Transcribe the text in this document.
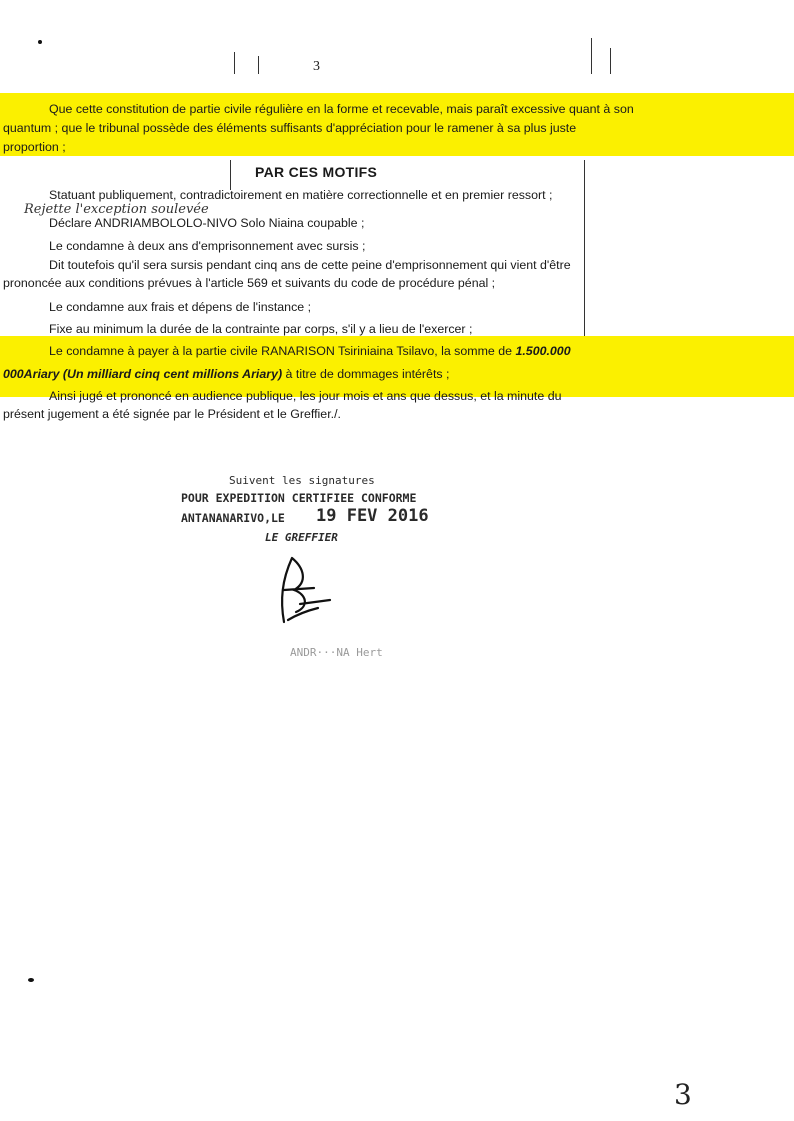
3

Que cette constitution de partie civile régulière en la forme et recevable, mais paraît excessive quant à son quantum ; que le tribunal possède des éléments suffisants d'appréciation pour le ramener à sa plus juste proportion ;

PAR CES MOTIFS
Statuant publiquement, contradictoirement en matière correctionnelle et en premier ressort ;
Rejette l'exception soulevée
Déclare ANDRIAMBOLOLO-NIVO Solo Niaina coupable ;
Le condamne à deux ans d'emprisonnement avec sursis ;
Dit toutefois qu'il sera sursis pendant cinq ans de cette peine d'emprisonnement qui vient d'être
prononcée aux conditions prévues à l'article 569 et suivants du code de procédure pénal ;
Le condamne aux frais et dépens de l'instance ;
Fixe au minimum la durée de la contrainte par corps, s'il y a lieu de l'exercer ;
Le condamne à payer à la partie civile RANARISON Tsiriniaina Tsilavo, la somme de 1.500.000
000Ariary (Un milliard cinq cent millions Ariary) à titre de dommages intérêts ;
Ainsi jugé et prononcé en audience publique, les jour mois et ans que dessus, et la minute du
présent jugement a été signée par le Président et le Greffier./.
Suivent les signatures
POUR EXPEDITION CERTIFIEE CONFORME
ANTANANARIVO,LE 19 FEV 2016
LE GREFFIER
ANDR···NA Hert
3
